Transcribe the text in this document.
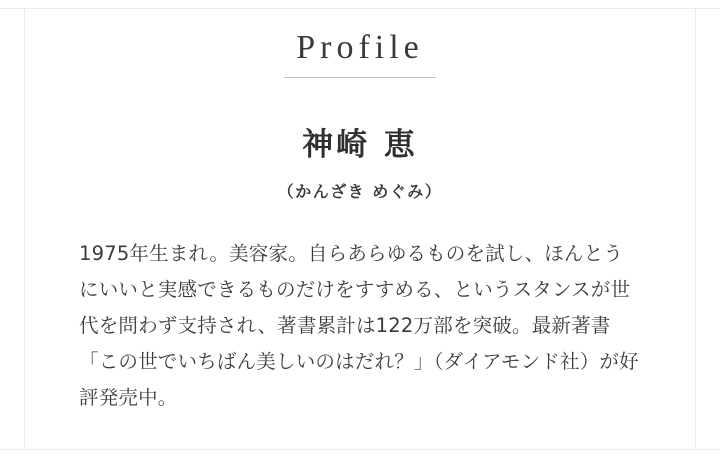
Profile
神崎 恵
（かんざき めぐみ）

1975年生まれ。美容家。自らあらゆるものを試し、ほんとうにいいと実感できるものだけをすすめる、というスタンスが世代を問わず支持され、著書累計は122万部を突破。最新著書「この世でいちばん美しいのはだれ？」（ダイアモンド社）が好評発売中。
